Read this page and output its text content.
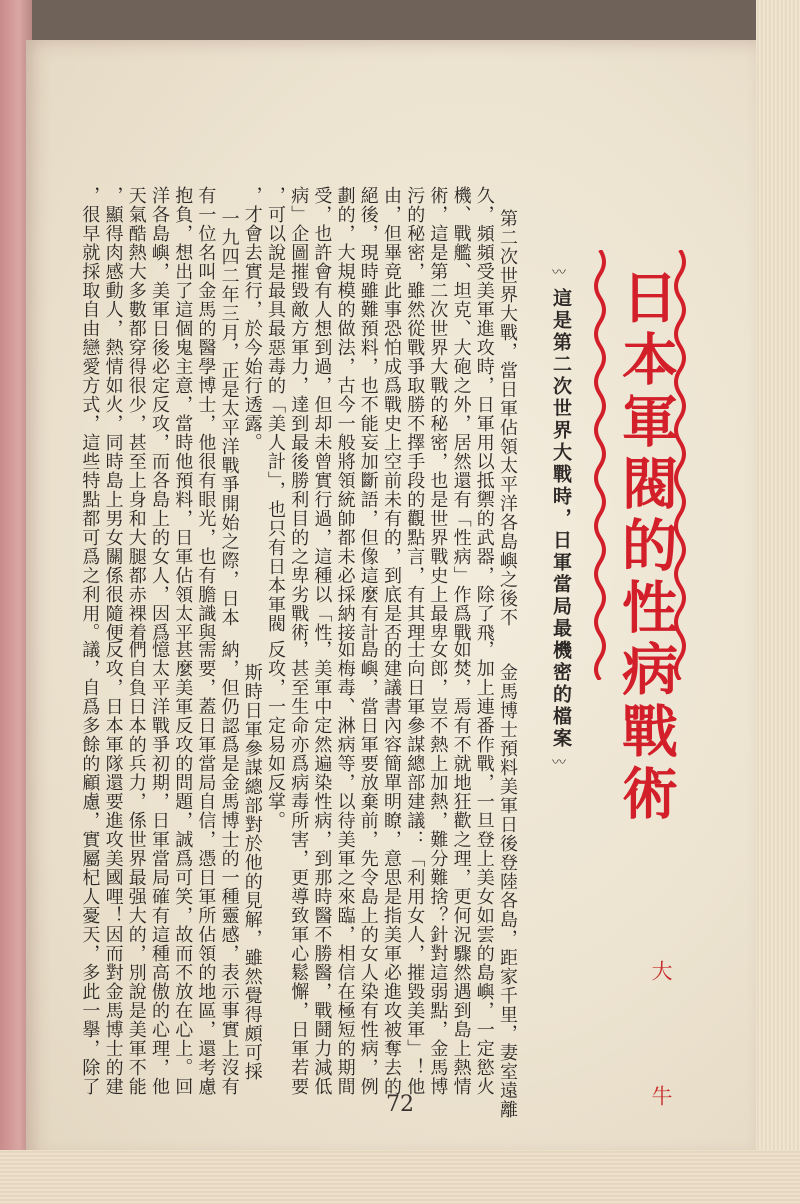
日本軍閥的性病戰術
〰
這是第二次世界大戰時，日軍當局最機密的檔案
〰
大 牛
第二次世界大戰，當日軍佔領太平洋各島嶼之後不
久，頻頻受美軍進攻時，日軍用以抵禦的武器，除了飛
機、戰艦、坦克、大砲之外，居然還有「性病」作爲戰
術，這是第二次世界大戰的秘密，也是世界戰史上最卑
污的秘密，雖然從戰爭取勝不擇手段的觀點言，有其理
由，但畢竟此事恐怕成爲戰史上空前未有的，到底是否
絕後，現時雖難預料，也不能妄加斷語，但像這麼有計
劃的，大規模的做法，古今一般將領統帥都未必採納接
受，也許會有人想到過，但却未曾實行過，這種以「性
病」企圖摧毀敵方軍力，達到最後勝利目的之卑劣戰術
，可以說是最具最惡毒的「美人計」，也只有日本軍閥
，才會去實行，於今始行透露。
一九四二年三月，正是太平洋戰爭開始之際，日本
有一位名叫金馬的醫學博士，他很有眼光，也有膽識與
抱負，想出了這個鬼主意，當時他預料，日軍佔領太平
洋各島嶼，美軍日後必定反攻，而各島上的女人，因爲
天氣酷熱大多數都穿得很少，甚至上身和大腿都赤裸着
，顯得肉感動人，熱情如火，同時島上男女關係很隨便
，很早就採取自由戀愛方式，這些特點都可爲之利用。
金馬博士預料美軍日後登陸各島，距家千里，妻室遠離
，加上連番作戰，一旦登上美女如雲的島嶼，一定慾火
如焚，焉有不就地狂歡之理，更何況驟然遇到島上熱情
女郎，豈不熱上加熱，難分難捨？針對這弱點，金馬博
士向日軍參謀總部建議：「利用女人，摧毀美軍」！他
的建議書內容簡單明瞭，意思是指美軍必進攻被奪去的
島嶼，當日軍要放棄前，先令島上的女人染有性病，例
如梅毒、淋病等，以待美軍之來臨，相信在極短的期間
，美軍中定然遍染性病，到那時醫不勝醫，戰鬪力減低
，甚至生命亦爲病毒所害，更導致軍心鬆懈，日軍若要
反攻，一定易如反掌。
斯時日軍參謀總部對於他的見解，雖然覺得頗可採
納，但仍認爲是金馬博士的一種靈感，表示事實上沒有
需要，蓋日軍當局自信，憑日軍所佔領的地區，還考慮
甚麼美軍反攻的問題，誠爲可笑，故而不放在心上。回
憶太平洋戰爭初期，日軍當局確有這種高傲的心理，他
們自負日本的兵力，係世界最强大的，別說是美軍不能
反攻，日本軍隊還要進攻美國哩！因而對金馬博士的建
議，自爲多餘的顧慮，實屬杞人憂天，多此一擧，除了
72
